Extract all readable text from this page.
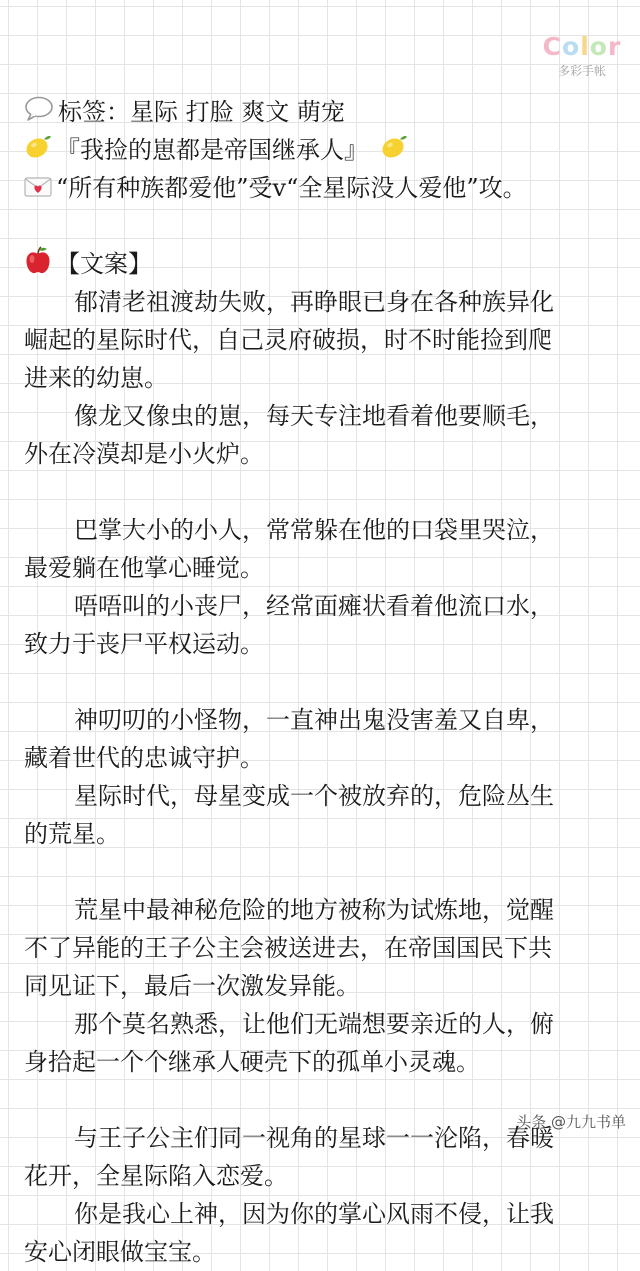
Color
多彩手帐
标签：星际 打脸 爽文 萌宠
『我捡的崽都是帝国继承人』
“所有种族都爱他”受v“全星际没人爱他”攻。
【文案】
郁清老祖渡劫失败，再睁眼已身在各种族异化
崛起的星际时代，自己灵府破损，时不时能捡到爬
进来的幼崽。
像龙又像虫的崽，每天专注地看着他要顺毛，
外在冷漠却是小火炉。
巴掌大小的小人，常常躲在他的口袋里哭泣，
最爱躺在他掌心睡觉。
唔唔叫的小丧尸，经常面瘫状看着他流口水，
致力于丧尸平权运动。
神叨叨的小怪物，一直神出鬼没害羞又自卑，
藏着世代的忠诚守护。
星际时代，母星变成一个被放弃的，危险丛生
的荒星。
荒星中最神秘危险的地方被称为试炼地，觉醒
不了异能的王子公主会被送进去，在帝国国民下共
同见证下，最后一次激发异能。
那个莫名熟悉，让他们无端想要亲近的人，俯
身拾起一个个继承人硬壳下的孤单小灵魂。
与王子公主们同一视角的星球一一沦陷，春暖
花开，全星际陷入恋爱。
你是我心上神，因为你的掌心风雨不侵，让我
安心闭眼做宝宝。
头条 @九九书单
